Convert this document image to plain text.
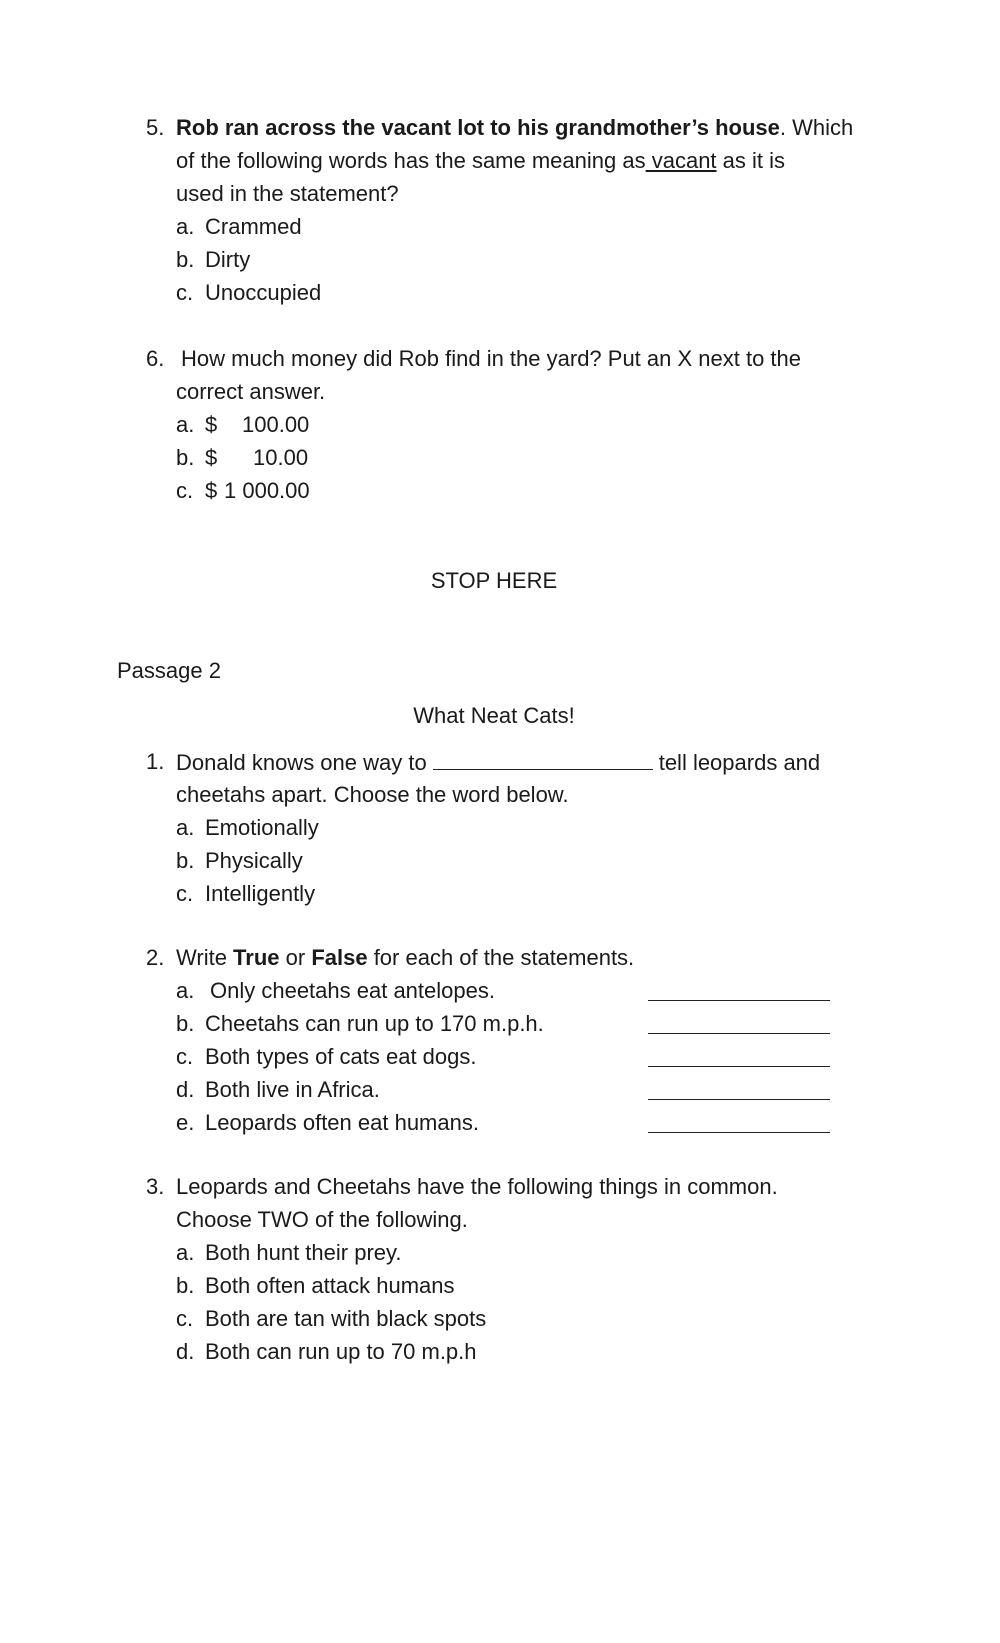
5. Rob ran across the vacant lot to his grandmother’s house. Which
of the following words has the same meaning as vacant as it is
used in the statement?
a. Crammed
b. Dirty
c. Unoccupied
6. How much money did Rob find in the yard? Put an X next to the
correct answer.
a. $ 100.00
b. $ 10.00
c. $ 1 000.00
STOP HERE
Passage 2
What Neat Cats!
1. Donald knows one way to	tell leopards and
cheetahs apart. Choose the word below.
a. Emotionally
b. Physically
c. Intelligently
2. Write True or False for each of the statements.
a. Only cheetahs eat antelopes.
b. Cheetahs can run up to 170 m.p.h.
c. Both types of cats eat dogs.
d. Both live in Africa.
e. Leopards often eat humans.
3. Leopards and Cheetahs have the following things in common.
Choose TWO of the following.
a. Both hunt their prey.
b. Both often attack humans
c. Both are tan with black spots
d. Both can run up to 70 m.p.h
